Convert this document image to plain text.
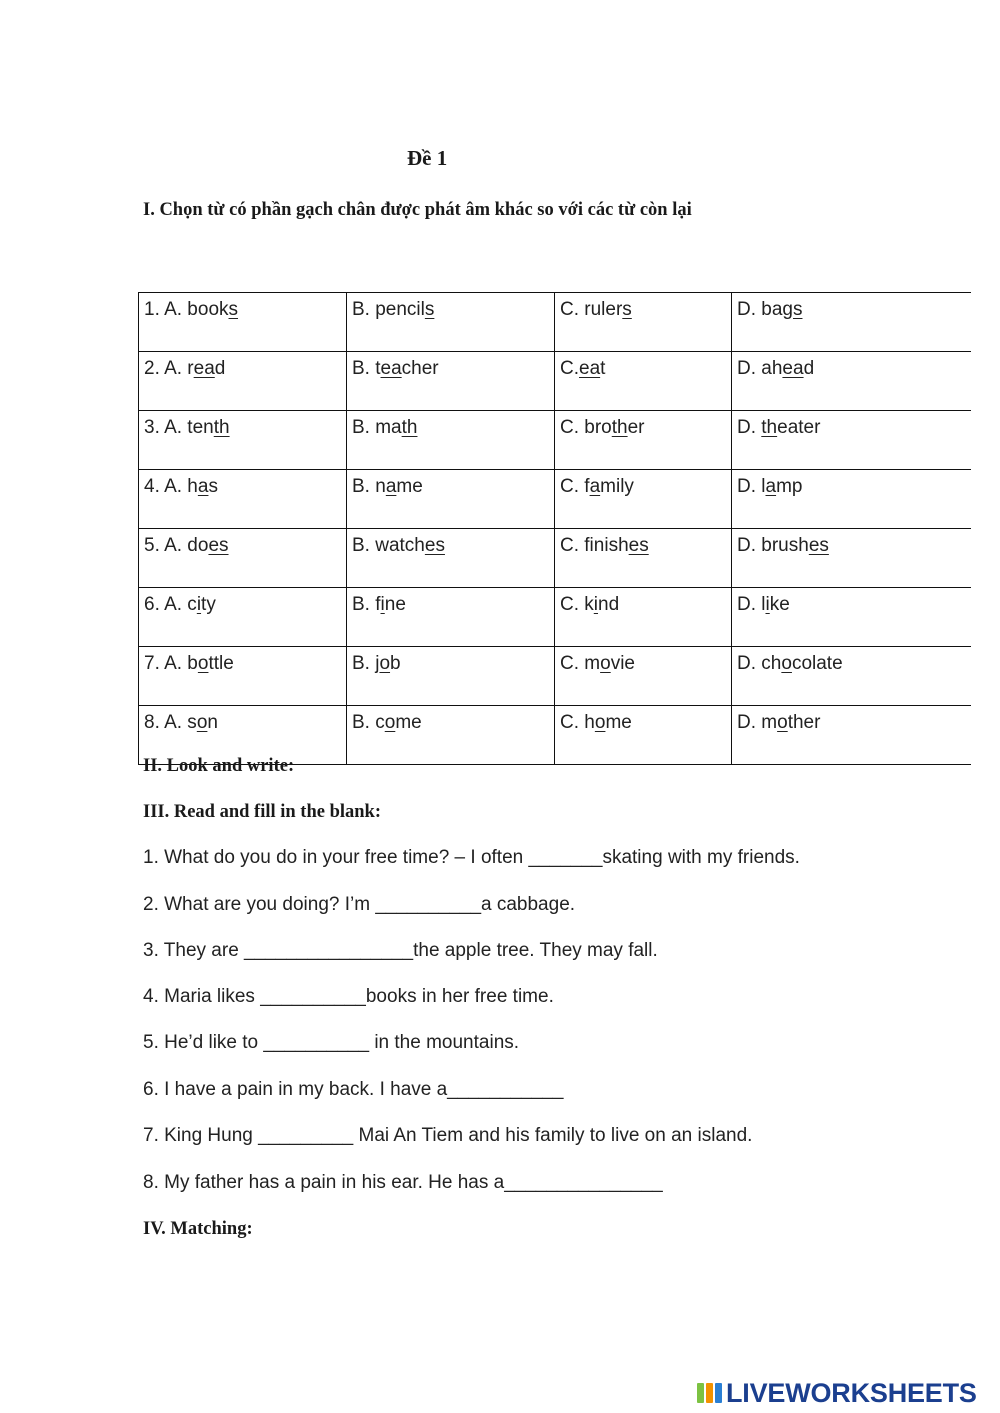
Đề 1
I. Chọn từ có phần gạch chân được phát âm khác so với các từ còn lại
1. A. books	B. pencils	C. rulers	D. bags
2. A. read	B. teacher	C.eat	D. ahead
3. A. tenth	B. math	C. brother	D. theater
4. A. has	B. name	C. family	D. lamp
5. A. does	B. watches	C. finishes	D. brushes
6. A. city	B. fine	C. kind	D. like
7. A. bottle	B. job	C. movie	D. chocolate
8. A. son	B. come	C. home	D. mother
II. Look and write:
III. Read and fill in the blank:
1. What do you do in your free time? – I often _______skating with my friends.
2. What are you doing? I’m __________a cabbage.
3. They are ________________the apple tree. They may fall.
4. Maria likes __________books in her free time.
5. He’d like to __________ in the mountains.
6. I have a pain in my back. I have a___________
7. King Hung _________ Mai An Tiem and his family to live on an island.
8. My father has a pain in his ear. He has a_______________
IV. Matching:
LIVEWORKSHEETS
